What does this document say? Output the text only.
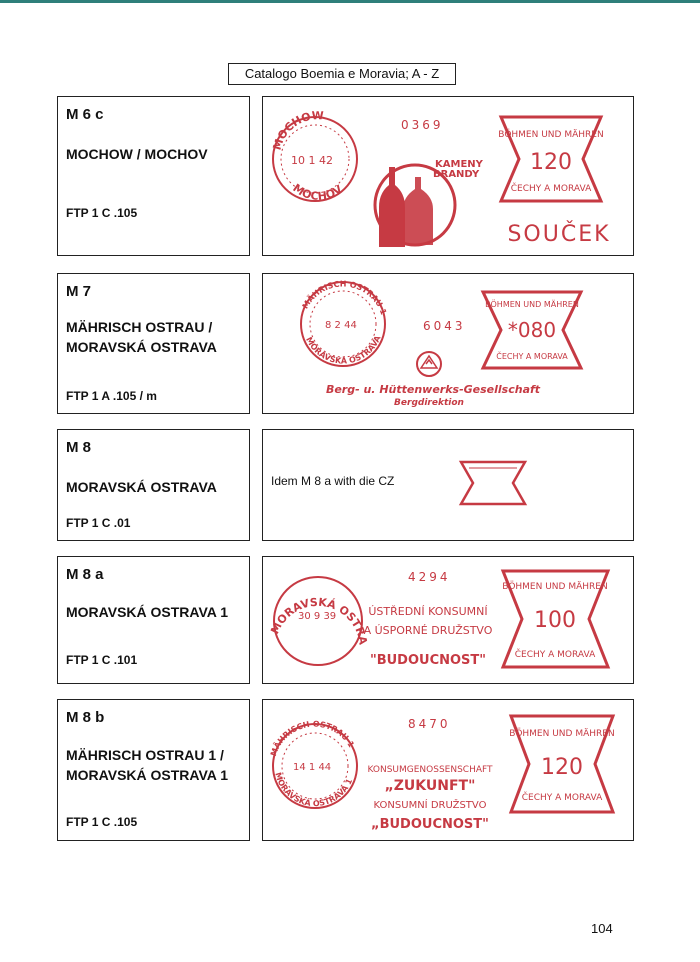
Catalogo Boemia e Moravia; A - Z
M 6 c
MOCHOW / MOCHOV
FTP 1 C .105
MOCHOW
MOCHOV
10 1 42
0369
KAMENY
BRANDY
BÖHMEN UND MÄHREN
120
ČECHY A MORAVA
SOUČEK
M 7
MÄHRISCH OSTRAU /
MORAVSKÁ OSTRAVA
FTP 1 A .105 / m
MÄHRISCH OSTRAU 1
MORAVSKÁ OSTRAVA 1
8 2 44	6043
BÖHMEN UND MÄHREN
*080
ČECHY A MORAVA
Berg- u. Hüttenwerks-Gesellschaft
Bergdirektion
M 8
MORAVSKÁ OSTRAVA
FTP 1 C .01
Idem M 8 a with die CZ
M 8 a
MORAVSKÁ OSTRAVA 1
FTP 1 C .101
MORAVSKÁ OSTRAVA 1
30 9 39
4294
ÚSTŘEDNÍ KONSUMNÍ
A ÚSPORNÉ DRUŽSTVO
"BUDOUCNOST"
BÖHMEN UND MÄHREN
100
ČECHY A MORAVA
M 8 b
MÄHRISCH OSTRAU 1 /
MORAVSKÁ OSTRAVA 1
FTP 1 C .105
MÄHRISCH OSTRAU 1
MORAVSKÁ OSTRAVA 1
14 1 44
8470
KONSUMGENOSSENSCHAFT
„ZUKUNFT"
KONSUMNÍ DRUŽSTVO
„BUDOUCNOST"
BÖHMEN UND MÄHREN
120
ČECHY A MORAVA
104
